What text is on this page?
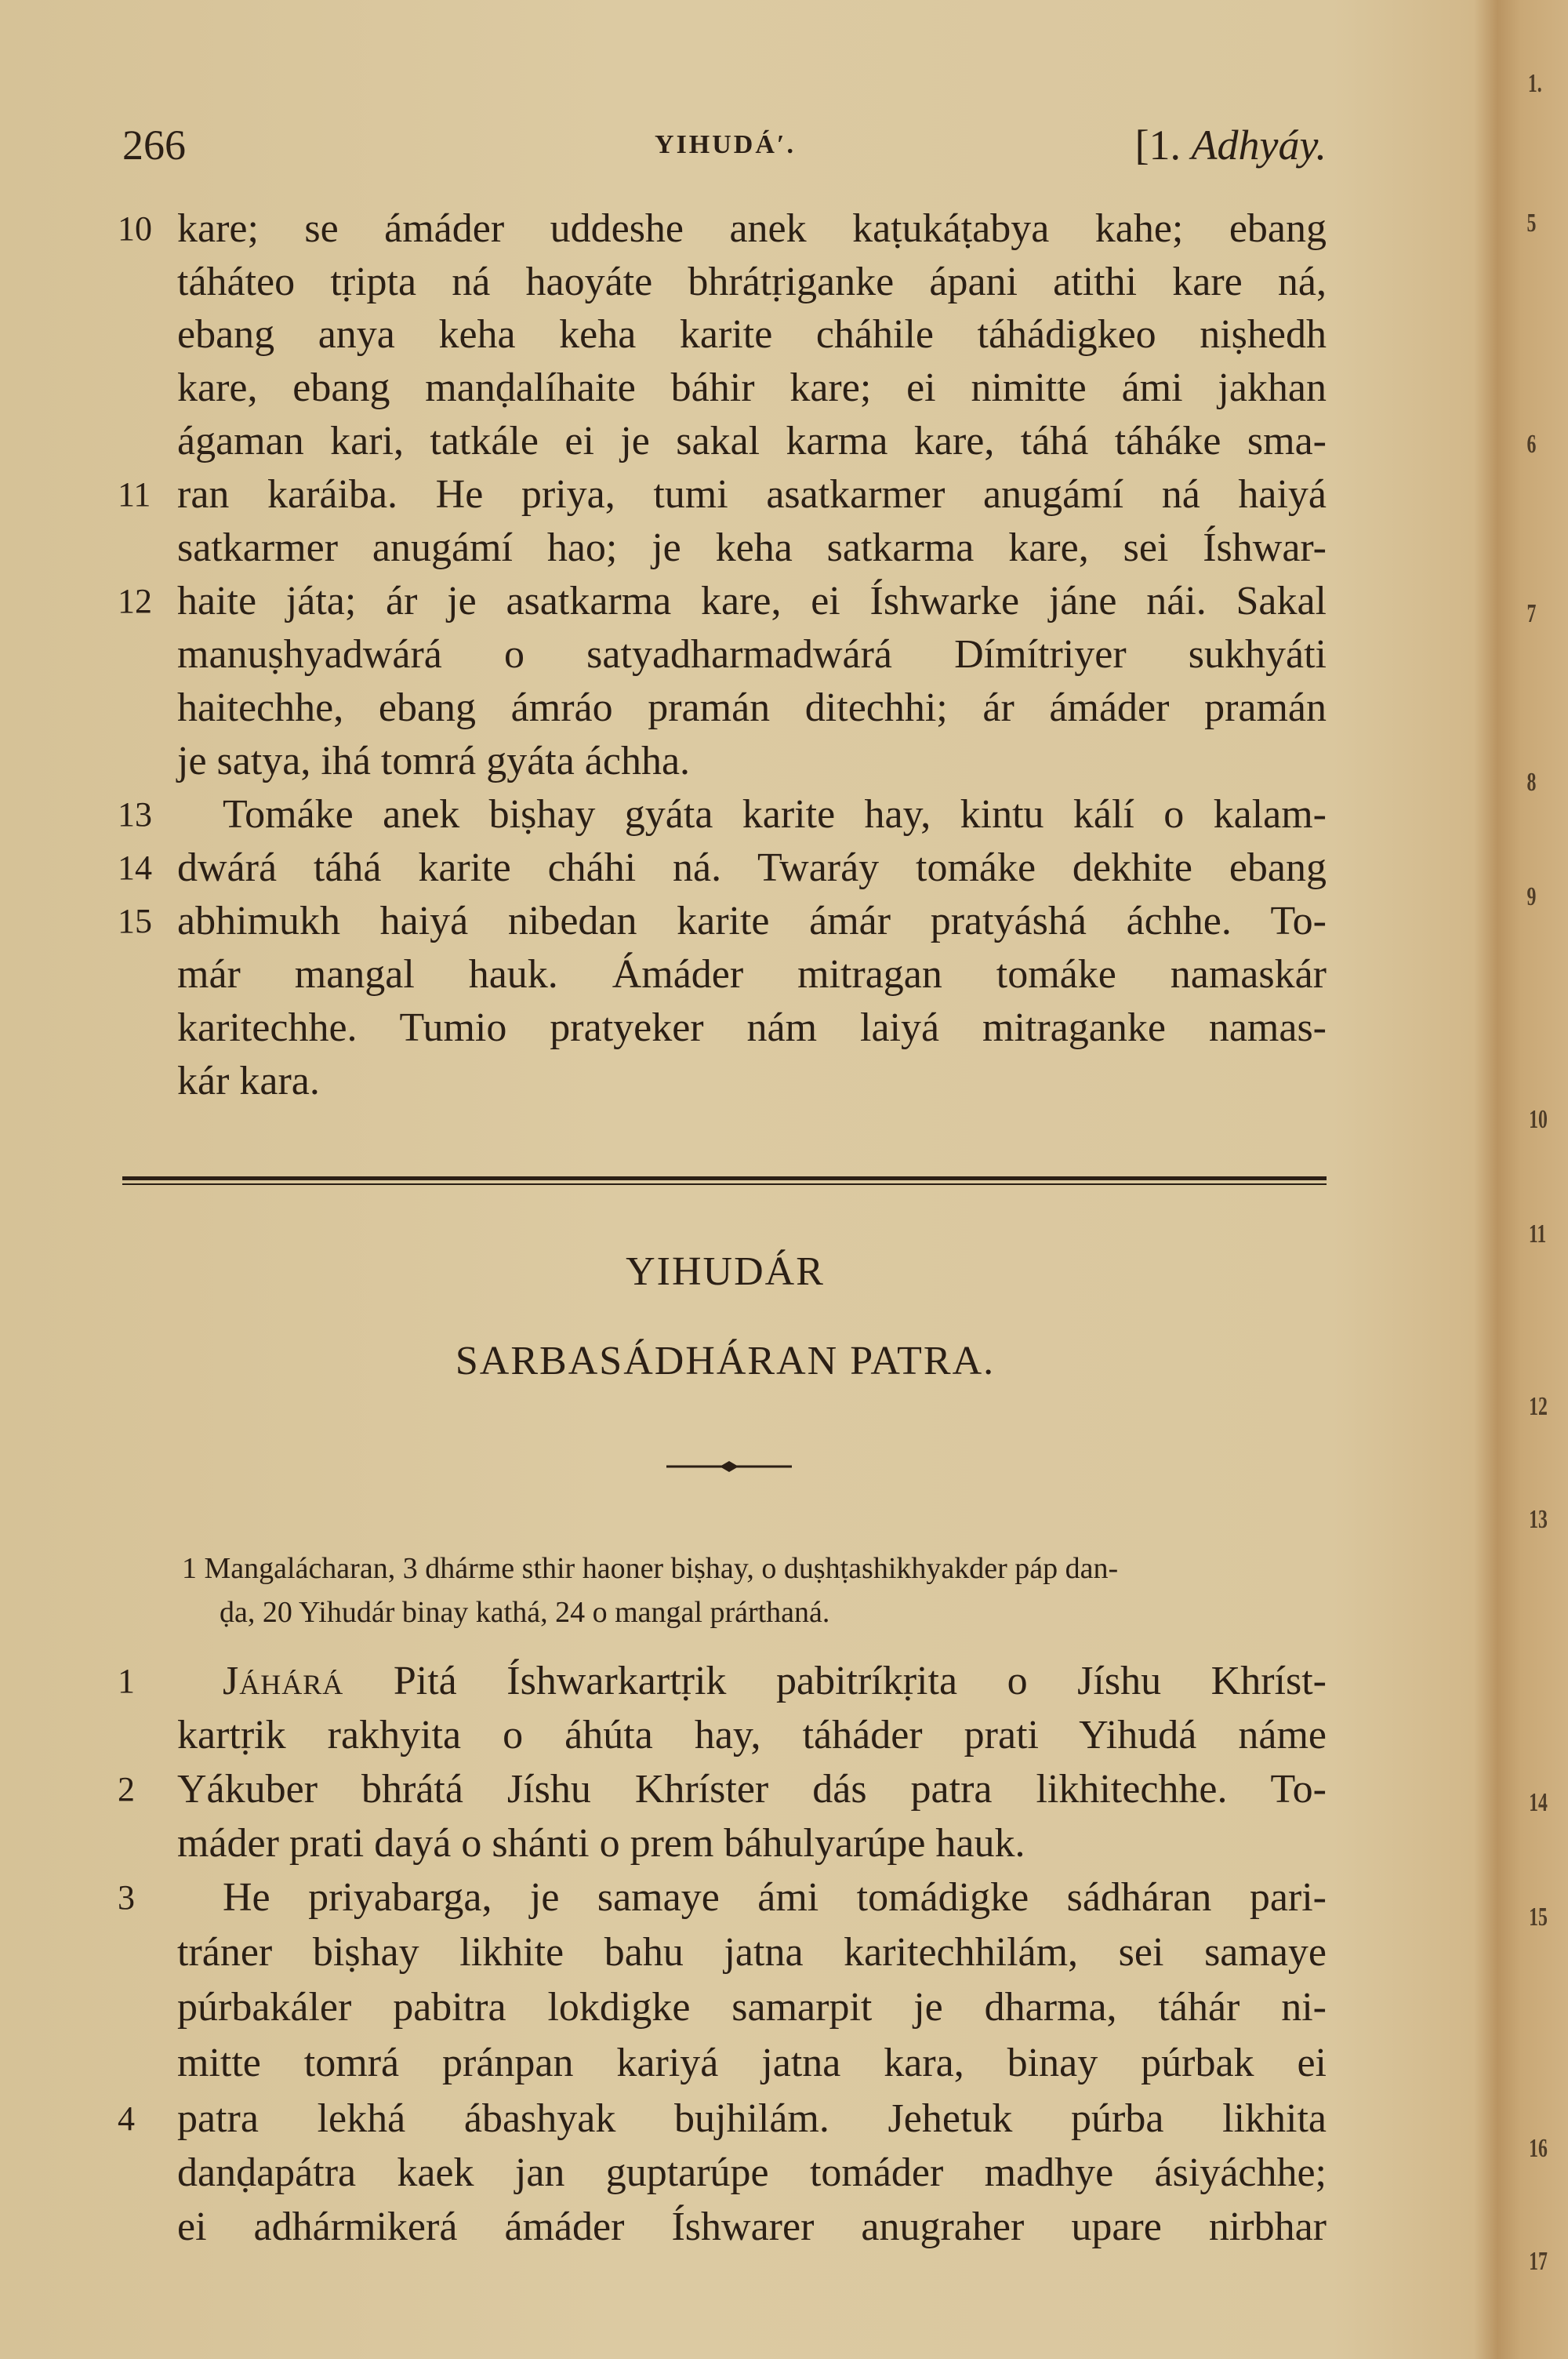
266	YIHUDÁ′.	[1. Adhyáy.
10 kare; se ámáder uddeshe anek kaṭukáṭabya kahe; ebang
táháteo tṛipta ná haoyáte bhrátṛiganke ápani atithi kare ná,
ebang anya keha keha karite cháhile táhádigkeo niṣhedh
kare, ebang manḍalíhaite báhir kare; ei nimitte ámi jakhan
ágaman kari, tatkále ei je sakal karma kare, táhá táháke sma-
11 ran karáiba. He priya, tumi asatkarmer anugámí ná haiyá
satkarmer anugámí hao; je keha satkarma kare, sei Íshwar-
12 haite játa; ár je asatkarma kare, ei Íshwarke jáne nái. Sakal
manuṣhyadwárá o satyadharmadwárá Dímítriyer sukhyáti
haitechhe, ebang ámráo pramán ditechhi; ár ámáder pramán
je satya, ihá tomrá gyáta áchha.
13	Tomáke anek biṣhay gyáta karite hay, kintu kálí o kalam-
14 dwárá táhá karite cháhi ná. Twaráy tomáke dekhite ebang
15 abhimukh haiyá nibedan karite ámár pratyáshá áchhe. To-
már mangal hauk. Ámáder mitragan tomáke namaskár
karitechhe. Tumio pratyeker nám laiyá mitraganke namas-
kár kara.
YIHUDÁR
SARBASÁDHÁRAN PATRA.
1 Mangalácharan, 3 dhárme sthir haoner biṣhay, o duṣhṭashikhyakder páp dan-
ḍa, 20 Yihudár binay kathá, 24 o mangal prárthaná.
1	Jáhárá Pitá Íshwarkartṛik pabitríkṛita o Jíshu Khríst-
kartṛik rakhyita o áhúta hay, táháder prati Yihudá náme
2	Yákuber bhrátá Jíshu Khríster dás patra likhitechhe. To-
máder prati dayá o shánti o prem báhulyarúpe hauk.
3	He priyabarga, je samaye ámi tomádigke sádháran pari-
tráner biṣhay likhite bahu jatna karitechhilám, sei samaye
púrbakáler pabitra lokdigke samarpit je dharma, táhár ni-
mitte tomrá pránpan kariyá jatna kara, binay púrbak ei
4	patra lekhá ábashyak bujhilám. Jehetuk púrba likhita
danḍapátra kaek jan guptarúpe tomáder madhye ásiyáchhe;
ei adhármikerá ámáder Íshwarer anugraher upare nirbhar
1.
5
6
7
8
9
10
11
12
13
14
15
16
17
